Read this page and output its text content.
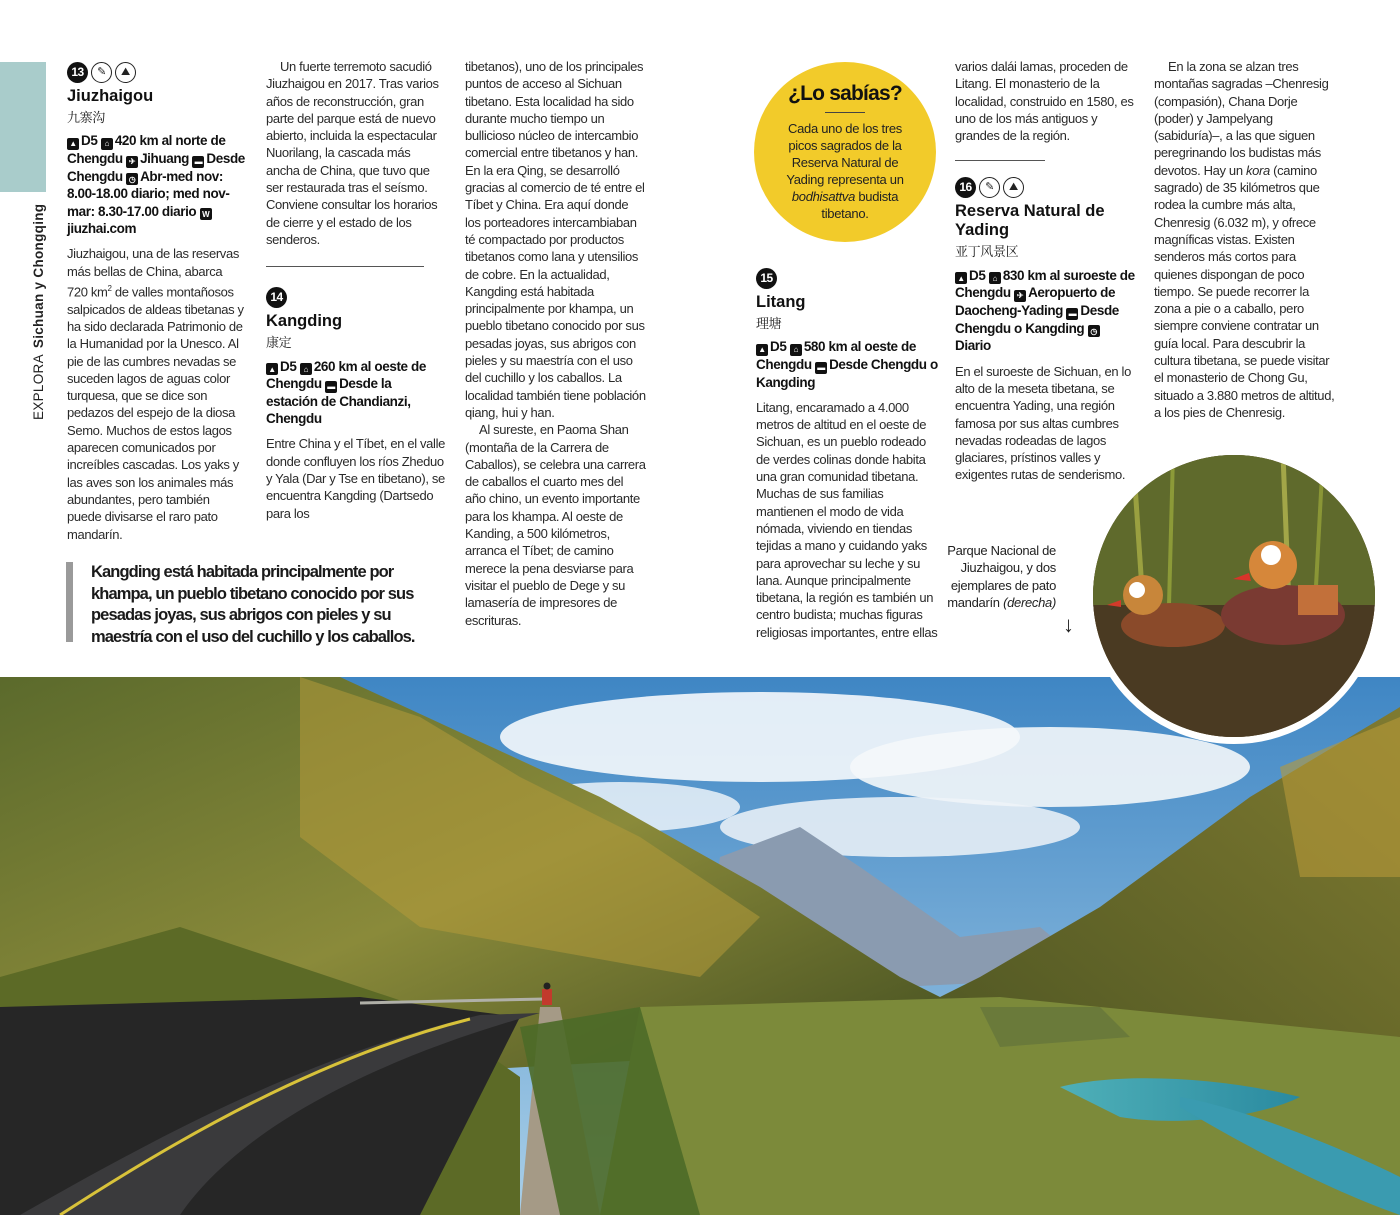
EXPLORASichuan y Chongqing
13	✎	⛰
Jiuzhaigou
九寨沟
▲ D5 ⌂ 420 km al norte de Chengdu ✈ Jihuang ▬ Desde Chengdu ◷ Abr-med nov: 8.00-18.00 diario; med nov-mar: 8.30-17.00 diario Wjiuzhai.com

Jiuzhaigou, una de las reservas más bellas de China, abarca 720 $km^2$ de valles montañosos salpicados de aldeas tibetanas y ha sido declarada Patrimonio de la Humanidad por la Unesco. Al pie de las cumbres nevadas se suceden lagos de aguas color turquesa, que se dice son pedazos del espejo de la diosa Semo. Muchos de estos lagos aparecen comunicados por increíbles cascadas. Los yaks y las aves son los animales más abundantes, pero también puede divisarse el raro pato mandarín.

Un fuerte terremoto sacudió Jiuzhaigou en 2017. Tras varios años de reconstrucción, gran parte del parque está de nuevo abierto, incluida la espectacular Nuorilang, la cascada más ancha de China, que tuvo que ser restaurada tras el seísmo. Conviene consultar los horarios de cierre y el estado de los senderos.

14
Kangding
康定
▲ D5 ⌂ 260 km al oeste de Chengdu ▬ Desde la estación de Chandianzi, Chengdu

Entre China y el Tíbet, en el valle donde confluyen los ríos Zheduo y Yala (Dar y Tse en tibetano), se encuentra Kangding (Dartsedo para los

tibetanos), uno de los principales puntos de acceso al Sichuan tibetano. Esta localidad ha sido durante mucho tiempo un bullicioso núcleo de intercambio comercial entre tibetanos y han. En la era Qing, se desarrolló gracias al comercio de té entre el Tíbet y China. Era aquí donde los porteadores intercambiaban té compactado por productos tibetanos como lana y utensilios de cobre. En la actualidad, Kangding está habitada principalmente por khampa, un pueblo tibetano conocido por sus pesadas joyas, sus abrigos con pieles y su maestría con el uso del cuchillo y los caballos. La localidad también tiene población qiang, hui y han.

Al sureste, en Paoma Shan (montaña de la Carrera de Caballos), se celebra una carrera de caballos el cuarto mes del año chino, un evento importante para los khampa. Al oeste de Kanding, a 500 kilómetros, arranca el Tíbet; de camino merece la pena desviarse para visitar el pueblo de Dege y su lamasería de impresores de escrituras.

Kangding está habitada principalmente por khampa, un pueblo tibetano conocido por sus pesadas joyas, sus abrigos con pieles y su maestría con el uso del cuchillo y los caballos.
¿Lo sabías?
Cada uno de los tres picos sagrados de la Reserva Natural de Yading representa un bodhisattva budista tibetano.
15
Litang
理塘
▲ D5 ⌂ 580 km al oeste de Chengdu ▬ Desde Chengdu o Kangding

Litang, encaramado a 4.000 metros de altitud en el oeste de Sichuan, es un pueblo rodeado de verdes colinas donde habita una gran comunidad tibetana. Muchas de sus familias mantienen el modo de vida nómada, viviendo en tiendas tejidas a mano y cuidando yaks para aprovechar su leche y su lana. Aunque principalmente tibetana, la región es también un centro budista; muchas figuras religiosas importantes, entre ellas

varios dalái lamas, proceden de Litang. El monasterio de la localidad, construido en 1580, es uno de los más antiguos y grandes de la región.

16	✎	⛰
Reserva Natural de Yading
亚丁风景区
▲ D5 ⌂ 830 km al suroeste de Chengdu ✈ Aeropuerto de Daocheng-Yading ▬ Desde Chengdu o Kangding ◷Diario

En el suroeste de Sichuan, en lo alto de la meseta tibetana, se encuentra Yading, una región famosa por sus altas cumbres nevadas rodeadas de lagos glaciares, prístinos valles y exigentes rutas de senderismo.

En la zona se alzan tres montañas sagradas –Chenresig (compasión), Chana Dorje (poder) y Jampelyang (sabiduría)–, a las que siguen peregrinando los budistas más devotos. Hay un kora (camino sagrado) de 35 kilómetros que rodea la cumbre más alta, Chenresig (6.032 m), y ofrece magníficas vistas. Existen senderos más cortos para quienes dispongan de poco tiempo. Se puede recorrer la zona a pie o a caballo, pero siempre conviene contratar un guía local. Para descubrir la cultura tibetana, se puede visitar el monasterio de Chong Gu, situado a 3.880 metros de altitud, a los pies de Chenresig.

Parque Nacional de Jiuzhaigou, y dos ejemplares de pato mandarín (derecha)
↓
